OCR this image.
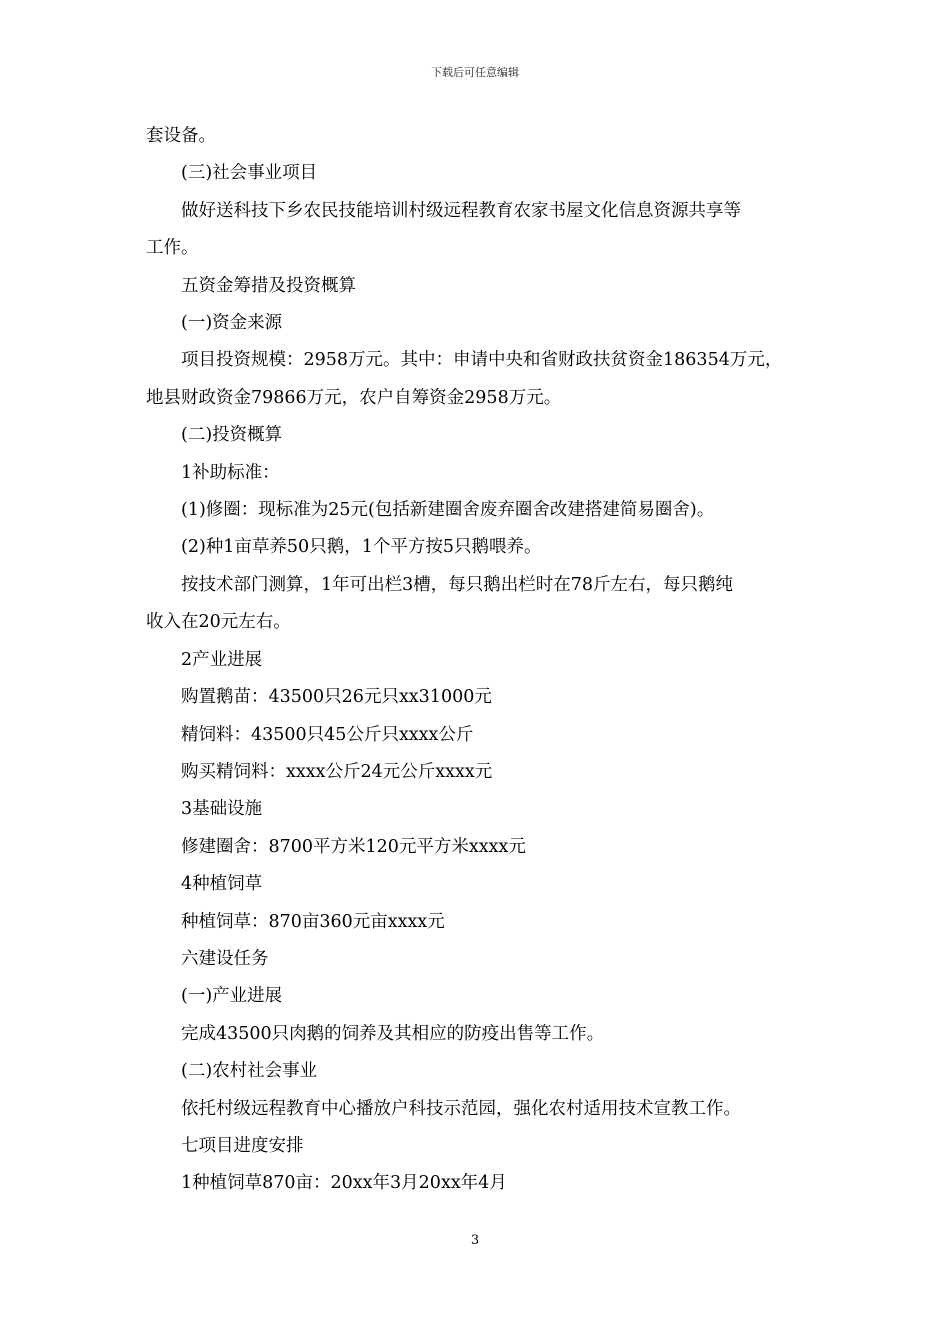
下载后可任意编辑

套设备。

(三)社会事业项目

做好送科技下乡农民技能培训村级远程教育农家书屋文化信息资源共享等

工作。

五资金筹措及投资概算

(一)资金来源

项目投资规模：2958万元。其中：申请中央和省财政扶贫资金186354万元，

地县财政资金79866万元，农户自筹资金2958万元。

(二)投资概算

1补助标准：

(1)修圈：现标准为25元(包括新建圈舍废弃圈舍改建搭建简易圈舍)。

(2)种1亩草养50只鹅，1个平方按5只鹅喂养。

按技术部门测算，1年可出栏3槽，每只鹅出栏时在78斤左右，每只鹅纯

收入在20元左右。

2产业进展

购置鹅苗：43500只26元只xx31000元

精饲料：43500只45公斤只xxxx公斤

购买精饲料：xxxx公斤24元公斤xxxx元

3基础设施

修建圈舍：8700平方米120元平方米xxxx元

4种植饲草

种植饲草：870亩360元亩xxxx元

六建设任务

(一)产业进展

完成43500只肉鹅的饲养及其相应的防疫出售等工作。

(二)农村社会事业

依托村级远程教育中心播放户科技示范园，强化农村适用技术宣教工作。

七项目进度安排

1种植饲草870亩：20xx年3月20xx年4月

3
